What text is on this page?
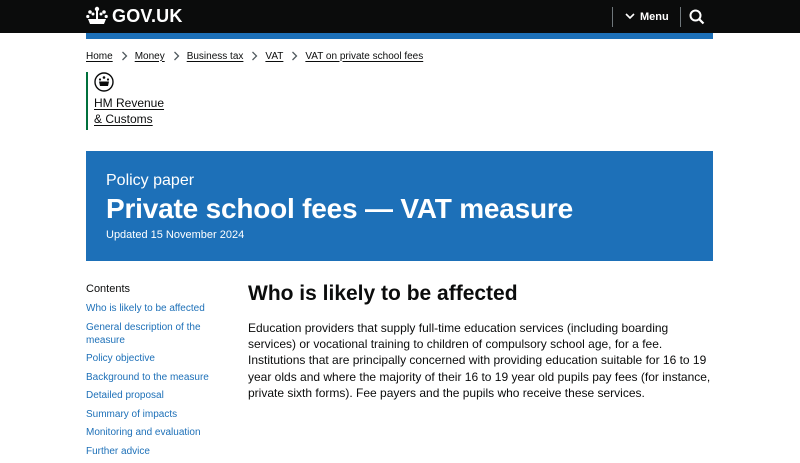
GOV.UK	Menu
Home Money Business tax VAT VAT on private school fees
HM Revenue
& Customs
Policy paper
Private school fees — VAT measure
Updated 15 November 2024
Contents
Who is likely to be affected
General description of the measure
Policy objective
Background to the measure
Detailed proposal
Summary of impacts
Monitoring and evaluation
Further advice
Who is likely to be affected

Education providers that supply full-time education services (including boarding services) or vocational training to children of compulsory school age, for a fee. Institutions that are principally concerned with providing education suitable for 16 to 19 year olds and where the majority of their 16 to 19 year old pupils pay fees (for instance, private sixth forms). Fee payers and the pupils who receive these services.
